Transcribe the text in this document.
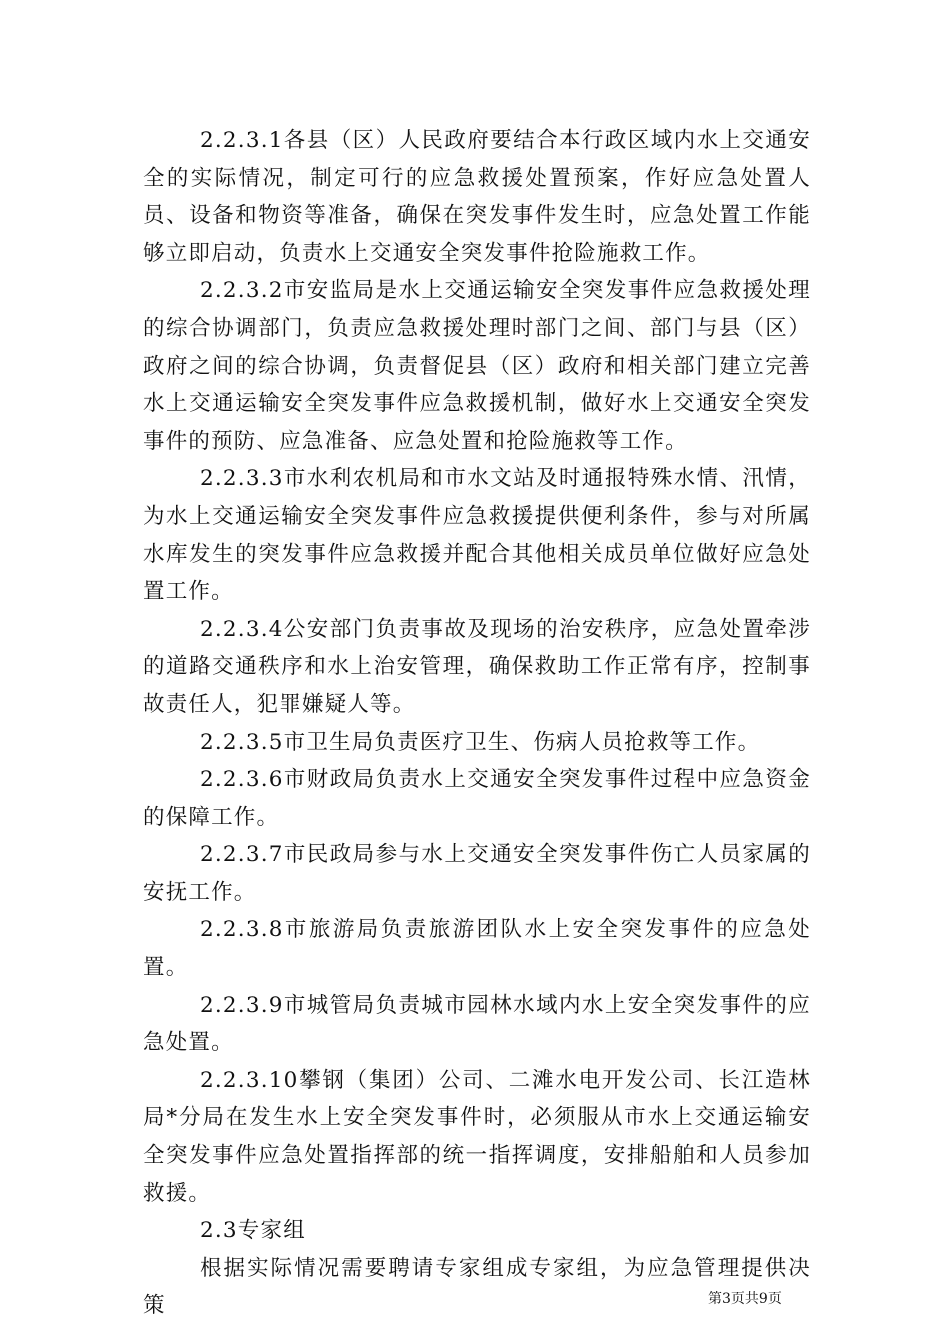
2.2.3.1各县（区）人民政府要结合本行政区域内水上交通安全的实际情况，制定可行的应急救援处置预案，作好应急处置人员、设备和物资等准备，确保在突发事件发生时，应急处置工作能够立即启动，负责水上交通安全突发事件抢险施救工作。

2.2.3.2市安监局是水上交通运输安全突发事件应急救援处理的综合协调部门，负责应急救援处理时部门之间、部门与县（区）政府之间的综合协调，负责督促县（区）政府和相关部门建立完善水上交通运输安全突发事件应急救援机制，做好水上交通安全突发事件的预防、应急准备、应急处置和抢险施救等工作。

2.2.3.3市水利农机局和市水文站及时通报特殊水情、汛情，为水上交通运输安全突发事件应急救援提供便利条件，参与对所属水库发生的突发事件应急救援并配合其他相关成员单位做好应急处置工作。

2.2.3.4公安部门负责事故及现场的治安秩序，应急处置牵涉的道路交通秩序和水上治安管理，确保救助工作正常有序，控制事故责任人，犯罪嫌疑人等。

2.2.3.5市卫生局负责医疗卫生、伤病人员抢救等工作。

2.2.3.6市财政局负责水上交通安全突发事件过程中应急资金的保障工作。

2.2.3.7市民政局参与水上交通安全突发事件伤亡人员家属的安抚工作。

2.2.3.8市旅游局负责旅游团队水上安全突发事件的应急处置。

2.2.3.9市城管局负责城市园林水域内水上安全突发事件的应急处置。

2.2.3.10攀钢（集团）公司、二滩水电开发公司、长江造林局*分局在发生水上安全突发事件时，必须服从市水上交通运输安全突发事件应急处置指挥部的统一指挥调度，安排船舶和人员参加救援。

2.3专家组

根据实际情况需要聘请专家组成专家组，为应急管理提供决策	第3页共9页
